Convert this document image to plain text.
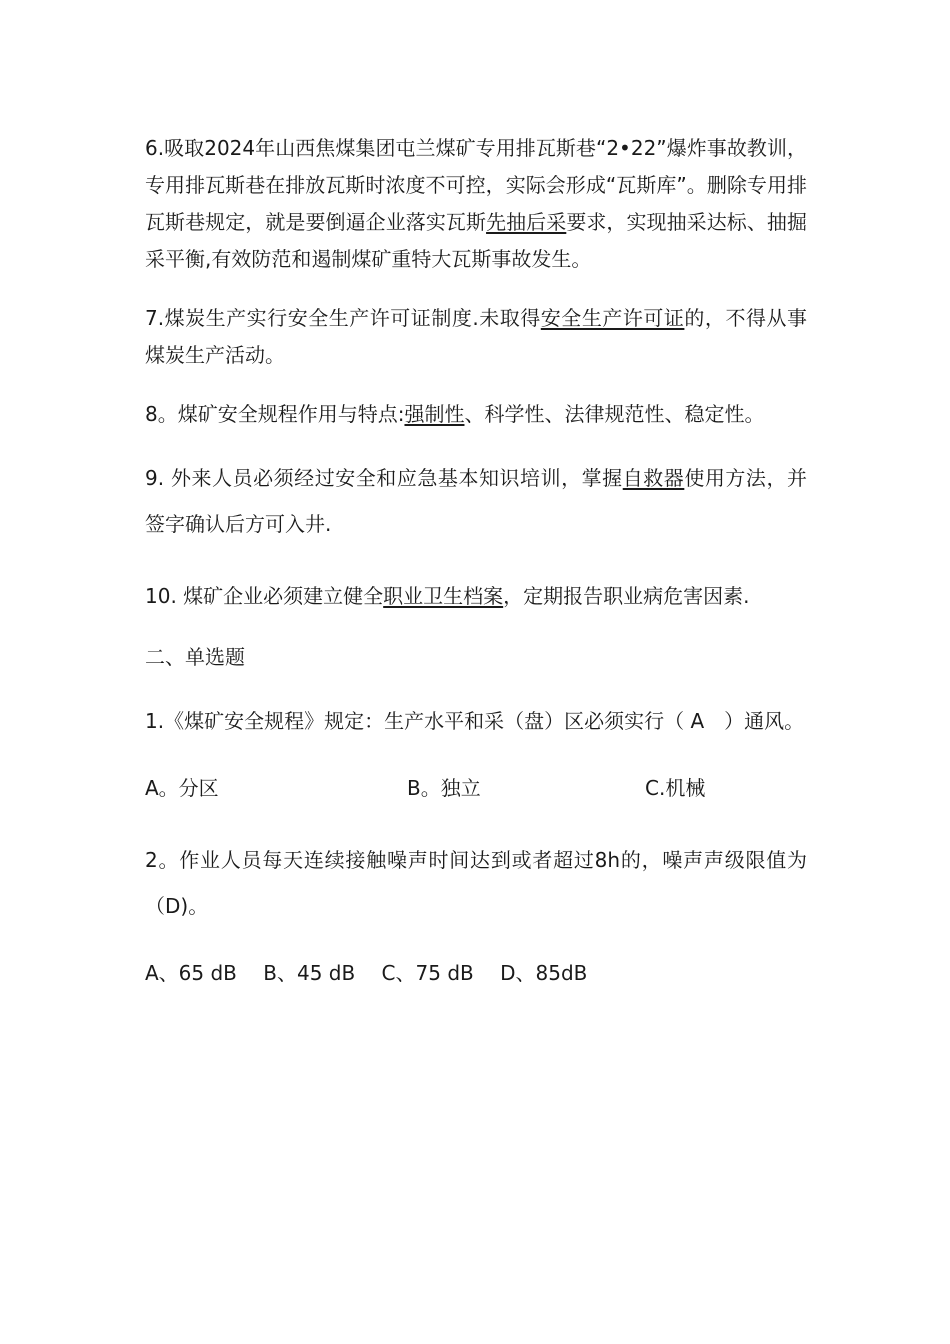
6.吸取2024年山西焦煤集团屯兰煤矿专用排瓦斯巷“2•22”爆炸事故教训，专用排瓦斯巷在排放瓦斯时浓度不可控，实际会形成“瓦斯库”。删除专用排瓦斯巷规定，就是要倒逼企业落实瓦斯先抽后采要求，实现抽采达标、抽掘采平衡,有效防范和遏制煤矿重特大瓦斯事故发生。

7.煤炭生产实行安全生产许可证制度.未取得安全生产许可证的，不得从事煤炭生产活动。

8。煤矿安全规程作用与特点:强制性、科学性、法律规范性、稳定性。

9. 外来人员必须经过安全和应急基本知识培训，掌握自救器使用方法，并签字确认后方可入井.

10. 煤矿企业必须建立健全职业卫生档案，定期报告职业病危害因素.

二、单选题

1.《煤矿安全规程》规定：生产水平和采（盘）区必须实行（ A　）通风。

A。分区	B。独立	C.机械

2。作业人员每天连续接触噪声时间达到或者超过8h的，噪声声级限值为（D)。

A、65 dB　 B、45 dB　 C、75 dB　 D、85dB
